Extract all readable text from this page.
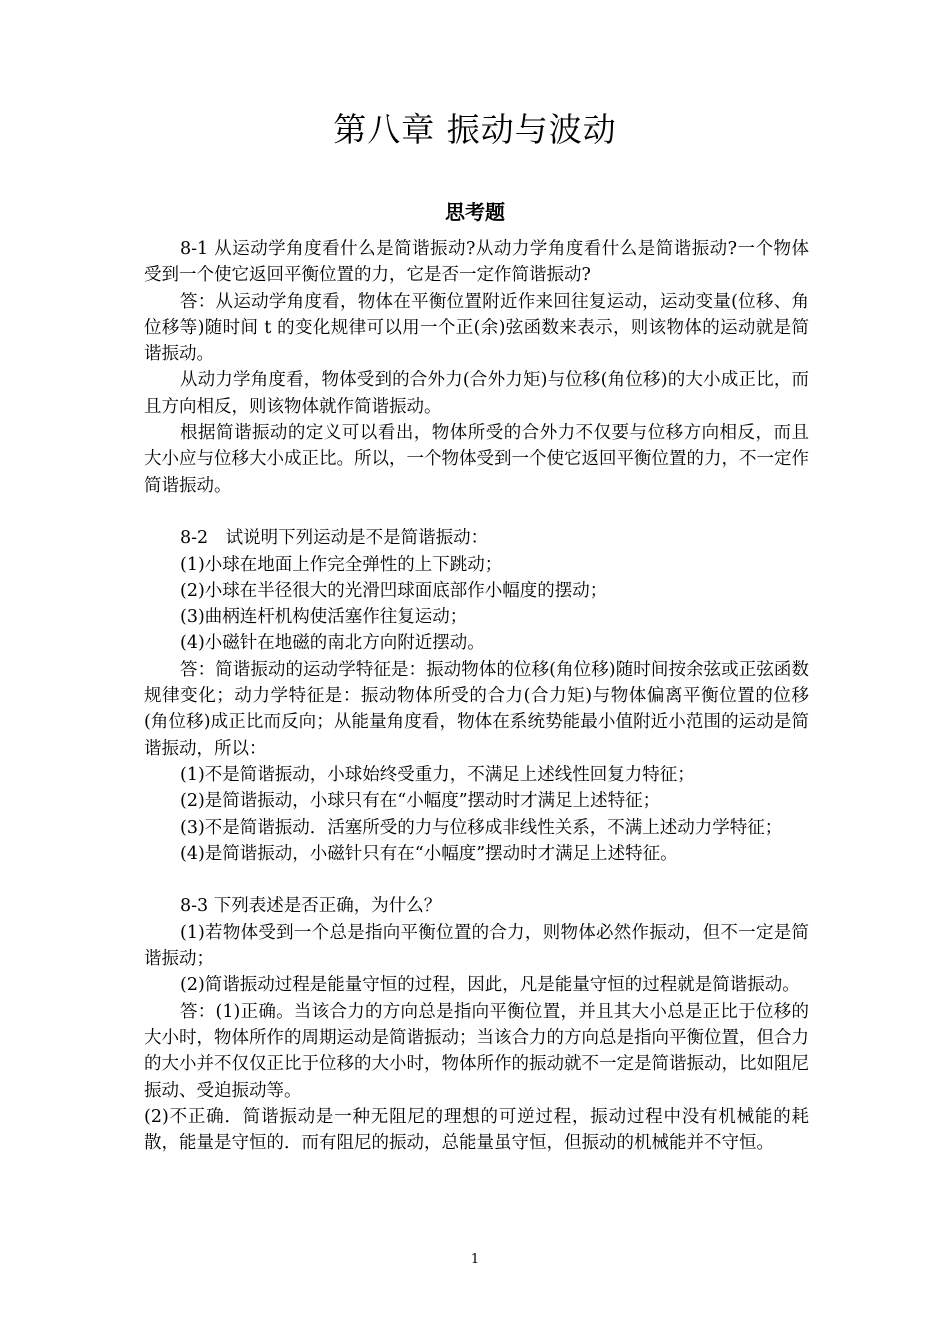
第八章 振动与波动
思考题

8-1 从运动学角度看什么是简谐振动?从动力学角度看什么是简谐振动?一个物体受到一个使它返回平衡位置的力，它是否一定作简谐振动?

答：从运动学角度看，物体在平衡位置附近作来回往复运动，运动变量(位移、角位移等)随时间 t 的变化规律可以用一个正(余)弦函数来表示，则该物体的运动就是简谐振动。

从动力学角度看，物体受到的合外力(合外力矩)与位移(角位移)的大小成正比，而且方向相反，则该物体就作简谐振动。

根据简谐振动的定义可以看出，物体所受的合外力不仅要与位移方向相反，而且大小应与位移大小成正比。所以，一个物体受到一个使它返回平衡位置的力，不一定作简谐振动。

8-2　试说明下列运动是不是简谐振动：

(1)小球在地面上作完全弹性的上下跳动；

(2)小球在半径很大的光滑凹球面底部作小幅度的摆动；

(3)曲柄连杆机构使活塞作往复运动；

(4)小磁针在地磁的南北方向附近摆动。

答：简谐振动的运动学特征是：振动物体的位移(角位移)随时间按余弦或正弦函数规律变化；动力学特征是：振动物体所受的合力(合力矩)与物体偏离平衡位置的位移(角位移)成正比而反向；从能量角度看，物体在系统势能最小值附近小范围的运动是简谐振动，所以：

(1)不是简谐振动，小球始终受重力，不满足上述线性回复力特征；

(2)是简谐振动，小球只有在“小幅度”摆动时才满足上述特征；

(3)不是简谐振动．活塞所受的力与位移成非线性关系，不满上述动力学特征；

(4)是简谐振动，小磁针只有在“小幅度”摆动时才满足上述特征。

8-3 下列表述是否正确，为什么？

(1)若物体受到一个总是指向平衡位置的合力，则物体必然作振动，但不一定是简谐振动；

(2)简谐振动过程是能量守恒的过程，因此，凡是能量守恒的过程就是简谐振动。

答：(1)正确。当该合力的方向总是指向平衡位置，并且其大小总是正比于位移的大小时，物体所作的周期运动是简谐振动；当该合力的方向总是指向平衡位置，但合力的大小并不仅仅正比于位移的大小时，物体所作的振动就不一定是简谐振动，比如阻尼振动、受迫振动等。

(2)不正确．简谐振动是一种无阻尼的理想的可逆过程，振动过程中没有机械能的耗散，能量是守恒的．而有阻尼的振动，总能量虽守恒，但振动的机械能并不守恒。

1
